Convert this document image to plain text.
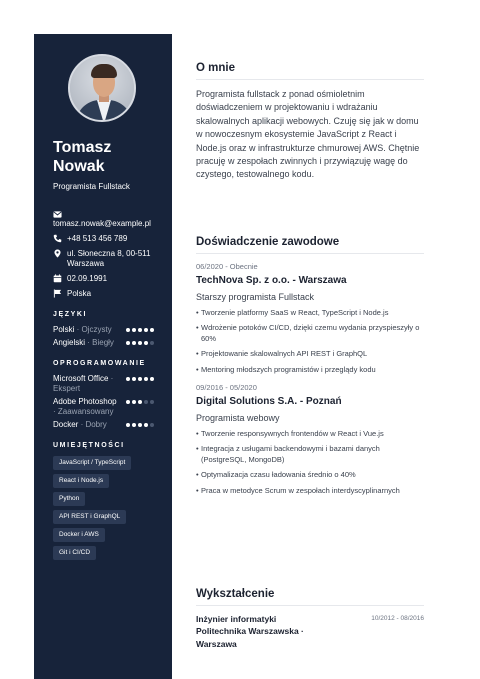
Tomasz
Nowak
Programista Fullstack
tomasz.nowak@example.pl
+48 513 456 789
ul. Słoneczna 8, 00-511 Warszawa
02.09.1991
Polska
JĘZYKI
Polski · Ojczysty
Angielski · Biegły
OPROGRAMOWANIE
Microsoft Office · Ekspert
Adobe Photoshop · Zaawansowany
Docker · Dobry
UMIEJĘTNOŚCI
JavaScript / TypeScript
React i Node.js
Python
API REST i GraphQL
Docker i AWS
Git i CI/CD
O mnie

Programista fullstack z ponad ośmioletnim doświadczeniem w projektowaniu i wdrażaniu skalowalnych aplikacji webowych. Czuję się jak w domu w nowoczesnym ekosystemie JavaScript z React i Node.js oraz w infrastrukturze chmurowej AWS. Chętnie pracuję w zespołach zwinnych i przywiązuję wagę do czystego, testowalnego kodu.

Doświadczenie zawodowe
06/2020 - Obecnie
TechNova Sp. z o.o. - Warszawa
Starszy programista Fullstack
• Tworzenie platformy SaaS w React, TypeScript i Node.js
• Wdrożenie potoków CI/CD, dzięki czemu wydania przyspieszyły o 60%
• Projektowanie skalowalnych API REST i GraphQL
• Mentoring młodszych programistów i przeglądy kodu
09/2016 - 05/2020
Digital Solutions S.A. - Poznań
Programista webowy
• Tworzenie responsywnych frontendów w React i Vue.js
• Integracja z usługami backendowymi i bazami danych (PostgreSQL, MongoDB)
• Optymalizacja czasu ładowania średnio o 40%
• Praca w metodyce Scrum w zespołach interdyscyplinarnych
Wykształcenie
Inżynier informatyki
Politechnika Warszawska · Warszawa
10/2012 - 08/2016
